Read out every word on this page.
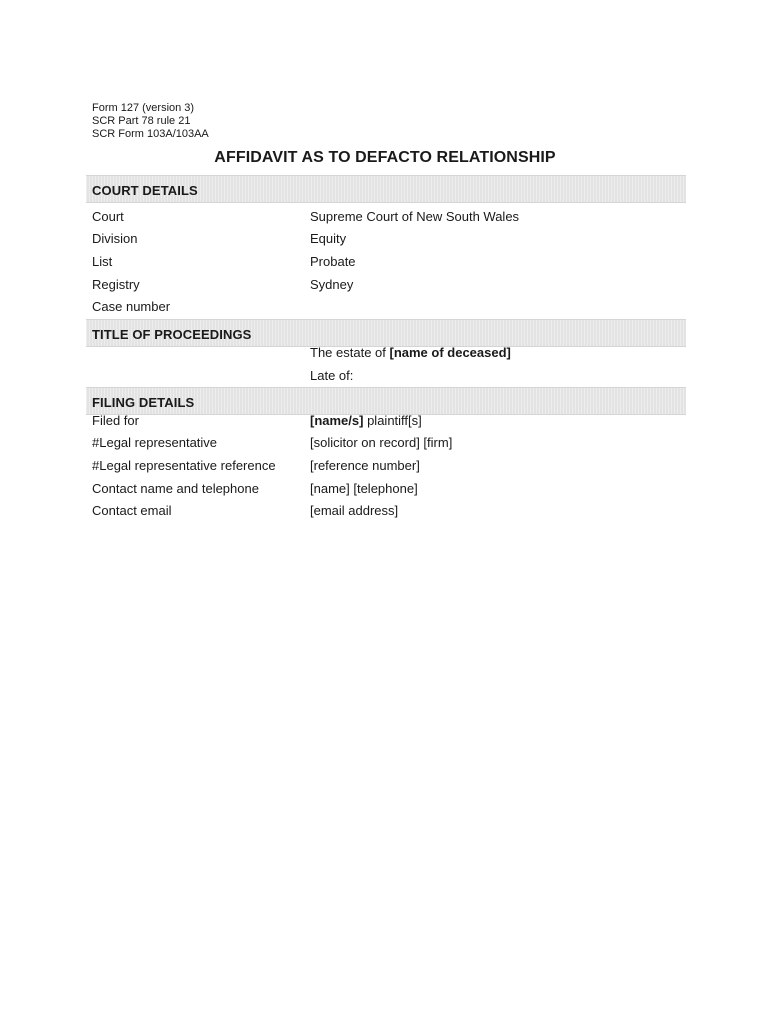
Form 127 (version 3)
SCR Part 78 rule 21
SCR Form 103A/103AA
AFFIDAVIT AS TO DEFACTO RELATIONSHIP
COURT DETAILS
Court	Supreme Court of New South Wales
Division	Equity
List	Probate
Registry	Sydney
Case number
TITLE OF PROCEEDINGS
The estate of [name of deceased]
Late of:
FILING DETAILS
Filed for	[name/s] plaintiff[s]
#Legal representative	[solicitor on record] [firm]
#Legal representative reference	[reference number]
Contact name and telephone	[name] [telephone]
Contact email	[email address]
